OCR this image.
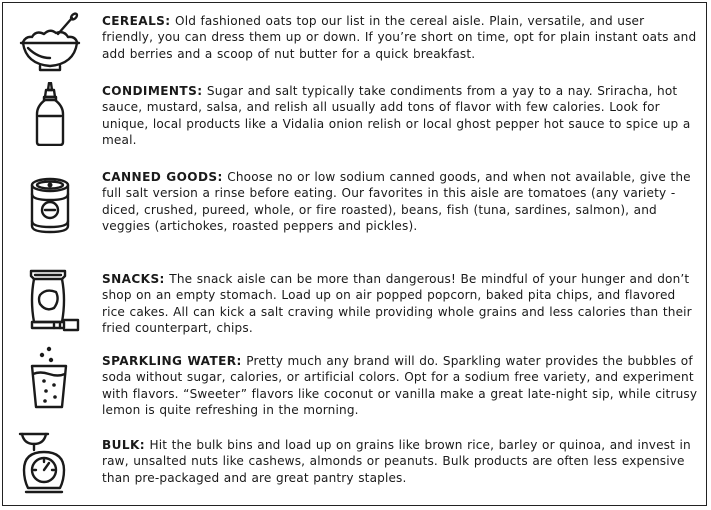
CEREALS: Old fashioned oats top our list in the cereal aisle. Plain, versatile, and user friendly, you can dress them up or down. If you’re short on time, opt for plain instant oats and add berries and a scoop of nut butter for a quick breakfast.
CONDIMENTS: Sugar and salt typically take condiments from a yay to a nay. Sriracha, hot sauce, mustard, salsa, and relish all usually add tons of flavor with few calories. Look for unique, local products like a Vidalia onion relish or local ghost pepper hot sauce to spice up a meal.
CANNED GOODS: Choose no or low sodium canned goods, and when not available, give the full salt version a rinse before eating. Our favorites in this aisle are tomatoes (any variety - diced, crushed, pureed, whole, or fire roasted), beans, fish (tuna, sardines, salmon), and veggies (artichokes, roasted peppers and pickles).
SNACKS: The snack aisle can be more than dangerous! Be mindful of your hunger and don’t shop on an empty stomach. Load up on air popped popcorn, baked pita chips, and flavored rice cakes. All can kick a salt craving while providing whole grains and less calories than their fried counterpart, chips.
SPARKLING WATER: Pretty much any brand will do. Sparkling water provides the bubbles of soda without sugar, calories, or artificial colors. Opt for a sodium free variety, and experiment with flavors. “Sweeter” flavors like coconut or vanilla make a great late-night sip, while citrusy lemon is quite refreshing in the morning.
BULK: Hit the bulk bins and load up on grains like brown rice, barley or quinoa, and invest in raw, unsalted nuts like cashews, almonds or peanuts. Bulk products are often less expensive than pre-packaged and are great pantry staples.
